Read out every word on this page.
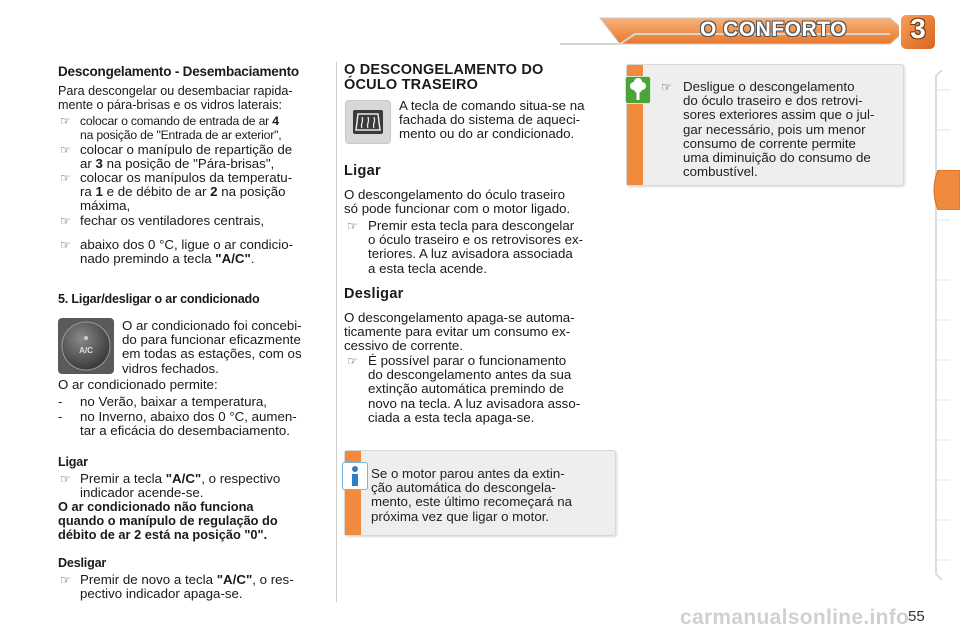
O CONFORTO	3
Descongelamento - Desembaciamento
Para descongelar ou desembaciar rapida-
mente o pára-brisas e os vidros laterais:
☞ colocar o comando de entrada de ar 4
na posição de "Entrada de ar exterior",
☞ colocar o manípulo de repartição de
ar 3 na posição de "Pára-brisas",
☞ colocar os manípulos da temperatu-
ra 1 e de débito de ar 2 na posição
máxima,
☞ fechar os ventiladores centrais,
☞ abaixo dos 0 °C, ligue o ar condicio-
nado premindo a tecla "A/C".
5. Ligar/desligar o ar condicionado
A/C
O ar condicionado foi concebi-
do para funcionar eficazmente
em todas as estações, com os
vidros fechados.
O ar condicionado permite:
- no Verão, baixar a temperatura,
- no Inverno, abaixo dos 0 °C, aumen-
tar a eficácia do desembaciamento.
Ligar
☞ Premir a tecla "A/C", o respectivo
indicador acende-se.
O ar condicionado não funciona
quando o manípulo de regulação do
débito de ar 2 está na posição "0".
Desligar
☞ Premir de novo a tecla "A/C", o res-
pectivo indicador apaga-se.
O DESCONGELAMENTO DO
ÓCULO TRASEIRO
A tecla de comando situa-se na
fachada do sistema de aqueci-
mento ou do ar condicionado.
Ligar
O descongelamento do óculo traseiro
só pode funcionar com o motor ligado.
☞ Premir esta tecla para descongelar
o óculo traseiro e os retrovisores ex-
teriores. A luz avisadora associada
a esta tecla acende.
Desligar
O descongelamento apaga-se automa-
ticamente para evitar um consumo ex-
cessivo de corrente.
☞ É possível parar o funcionamento
do descongelamento antes da sua
extinção automática premindo de
novo na tecla. A luz avisadora asso-
ciada a esta tecla apaga-se.
Se o motor parou antes da extin-
ção automática do descongela-
mento, este último recomeçará na
próxima vez que ligar o motor.
☞ Desligue o descongelamento
do óculo traseiro e dos retrovi-
sores exteriores assim que o jul-
gar necessário, pois um menor
consumo de corrente permite
uma diminuição do consumo de
combustível.
carmanualsonline.info
55
